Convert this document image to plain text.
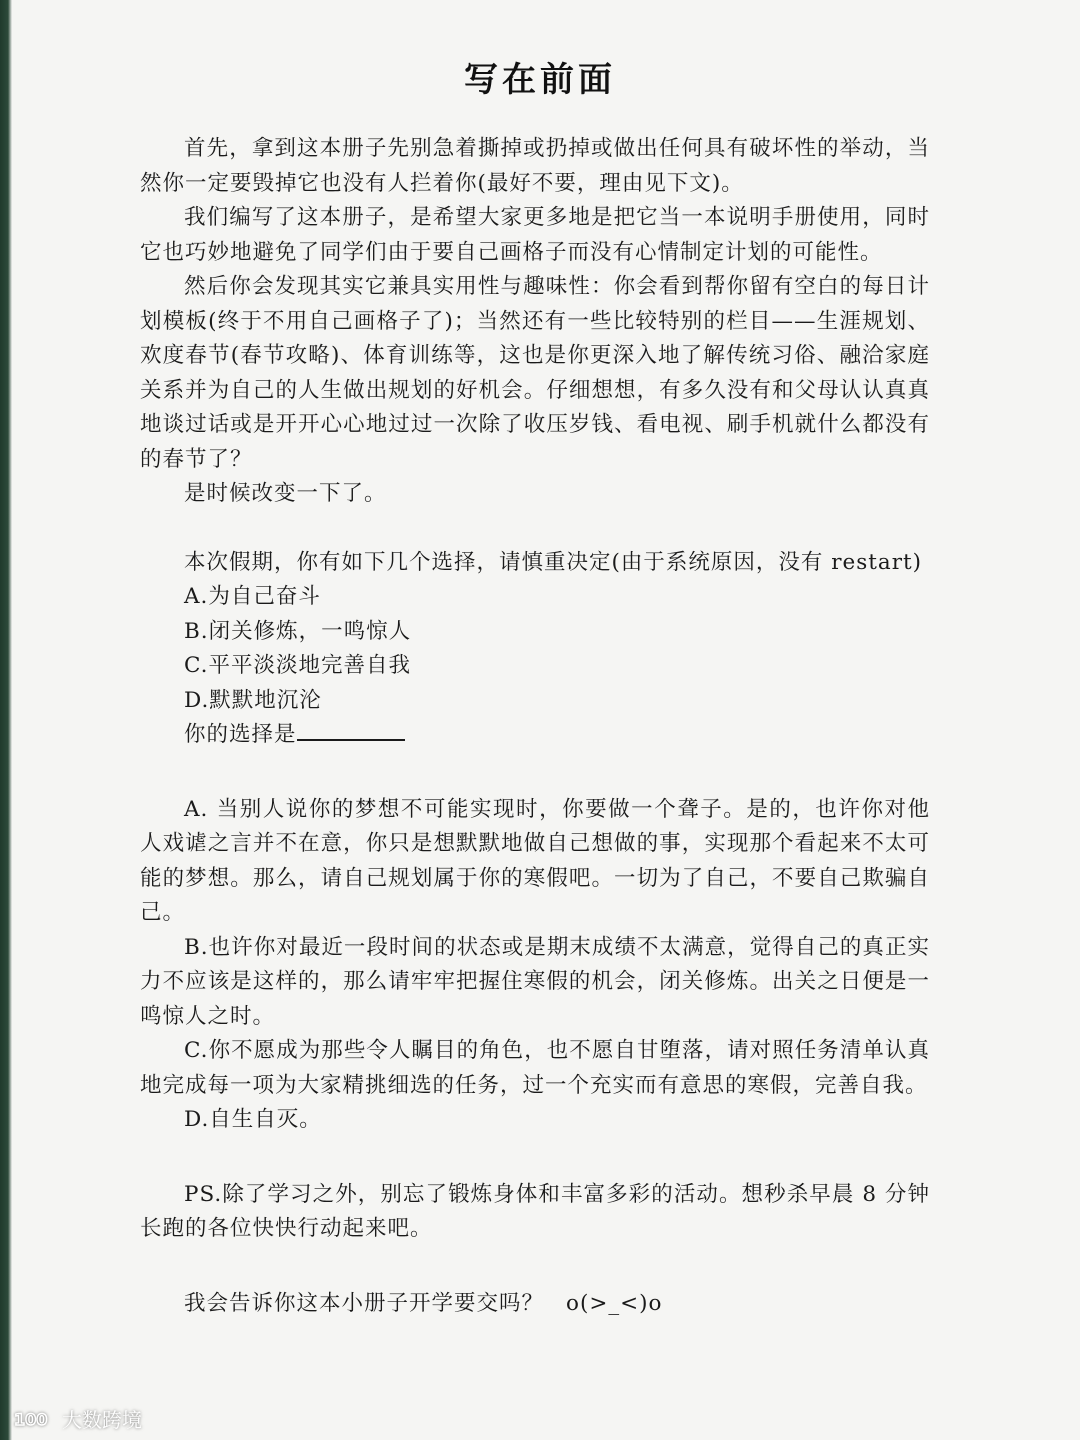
写在前面

首先，拿到这本册子先别急着撕掉或扔掉或做出任何具有破坏性的举动，当然你一定要毁掉它也没有人拦着你(最好不要，理由见下文)。

我们编写了这本册子，是希望大家更多地是把它当一本说明手册使用，同时它也巧妙地避免了同学们由于要自己画格子而没有心情制定计划的可能性。

然后你会发现其实它兼具实用性与趣味性：你会看到帮你留有空白的每日计划模板(终于不用自己画格子了)；当然还有一些比较特别的栏目——生涯规划、欢度春节(春节攻略)、体育训练等，这也是你更深入地了解传统习俗、融洽家庭关系并为自己的人生做出规划的好机会。仔细想想，有多久没有和父母认认真真地谈过话或是开开心心地过过一次除了收压岁钱、看电视、刷手机就什么都没有的春节了？

是时候改变一下了。

本次假期，你有如下几个选择，请慎重决定(由于系统原因，没有 restart)

A.为自己奋斗

B.闭关修炼，一鸣惊人

C.平平淡淡地完善自我

D.默默地沉沦

你的选择是

A. 当别人说你的梦想不可能实现时，你要做一个聋子。是的，也许你对他人戏谑之言并不在意，你只是想默默地做自己想做的事，实现那个看起来不太可能的梦想。那么，请自己规划属于你的寒假吧。一切为了自己，不要自己欺骗自己。

B.也许你对最近一段时间的状态或是期末成绩不太满意，觉得自己的真正实力不应该是这样的，那么请牢牢把握住寒假的机会，闭关修炼。出关之日便是一鸣惊人之时。

C.你不愿成为那些令人瞩目的角色，也不愿自甘堕落，请对照任务清单认真地完成每一项为大家精挑细选的任务，过一个充实而有意思的寒假，完善自我。

D.自生自灭。

PS.除了学习之外，别忘了锻炼身体和丰富多彩的活动。想秒杀早晨 8 分钟长跑的各位快快行动起来吧。

我会告诉你这本小册子开学要交吗？ o(>_<)o

100 大数跨境
